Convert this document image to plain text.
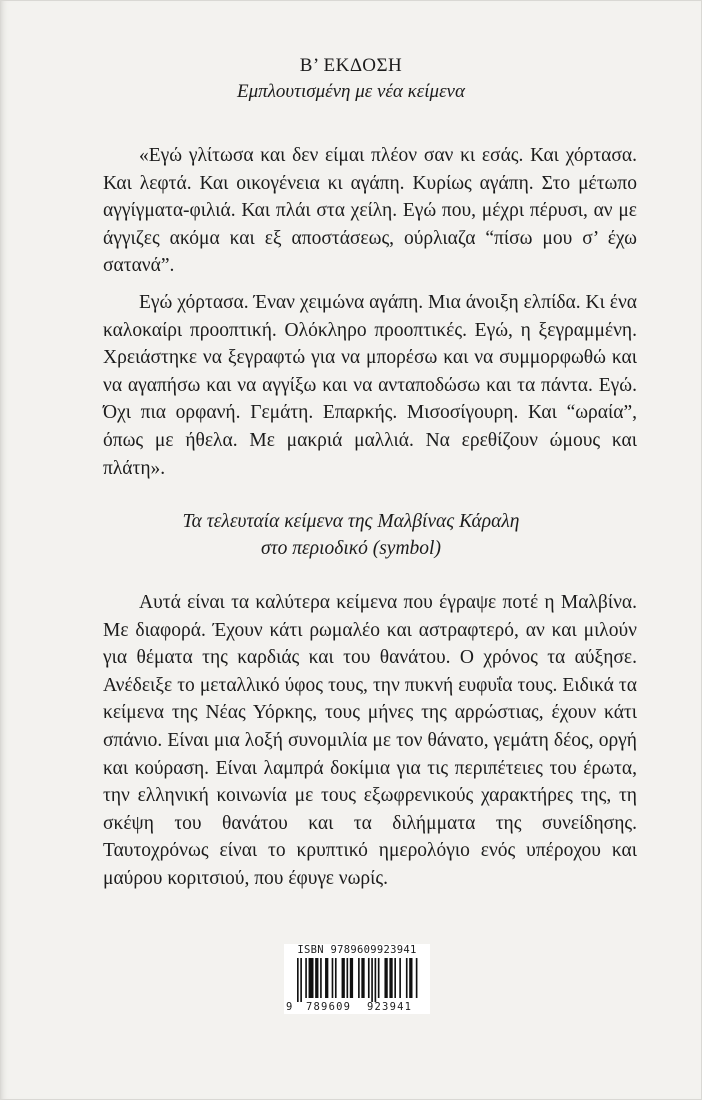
Β’ ΕΚΔΟΣΗ
Εμπλουτισμένη με νέα κείμενα

«Εγώ γλίτωσα και δεν είμαι πλέον σαν κι εσάς. Και χόρτασα. Και λεφτά. Και οικογένεια κι αγάπη. Κυρίως αγάπη. Στο μέτωπο αγγίγματα-φιλιά. Και πλάι στα χείλη. Εγώ που, μέχρι πέρυσι, αν με άγγιζες ακόμα και εξ αποστάσεως, ούρλιαζα “πίσω μου σ’ έχω σατανά”.

Εγώ χόρτασα. Έναν χειμώνα αγάπη. Μια άνοιξη ελπίδα. Κι ένα καλοκαίρι προοπτική. Ολόκληρο προοπτικές. Εγώ, η ξεγραμμένη. Χρειάστηκε να ξεγραφτώ για να μπορέσω και να συμμορφωθώ και να αγαπήσω και να αγγίξω και να ανταποδώσω και τα πάντα. Εγώ. Όχι πια ορφανή. Γεμάτη. Επαρκής. Μισοσίγουρη. Και “ωραία”, όπως με ήθελα. Με μακριά μαλλιά. Να ερεθίζουν ώμους και πλάτη».

Τα τελευταία κείμενα της Μαλβίνας Κάραλη
στο περιοδικό (symbol)

Αυτά είναι τα καλύτερα κείμενα που έγραψε ποτέ η Μαλβίνα. Με διαφορά. Έχουν κάτι ρωμαλέο και αστραφτερό, αν και μιλούν για θέματα της καρδιάς και του θανάτου. Ο χρόνος τα αύξησε. Ανέδειξε το μεταλλικό ύφος τους, την πυκνή ευφυΐα τους. Ειδικά τα κείμενα της Νέας Υόρκης, τους μήνες της αρρώστιας, έχουν κάτι σπάνιο. Είναι μια λοξή συνομιλία με τον θάνατο, γεμάτη δέος, οργή και κούραση. Είναι λαμπρά δοκίμια για τις περιπέτειες του έρωτα, την ελληνική κοινωνία με τους εξωφρενικούς χαρακτήρες της, τη σκέψη του θανάτου και τα διλήμματα της συνείδησης. Ταυτοχρόνως είναι το κρυπτικό ημερολόγιο ενός υπέροχου και μαύρου κοριτσιού, που έφυγε νωρίς.

ISBN 9789609923941
9 789609 923941
